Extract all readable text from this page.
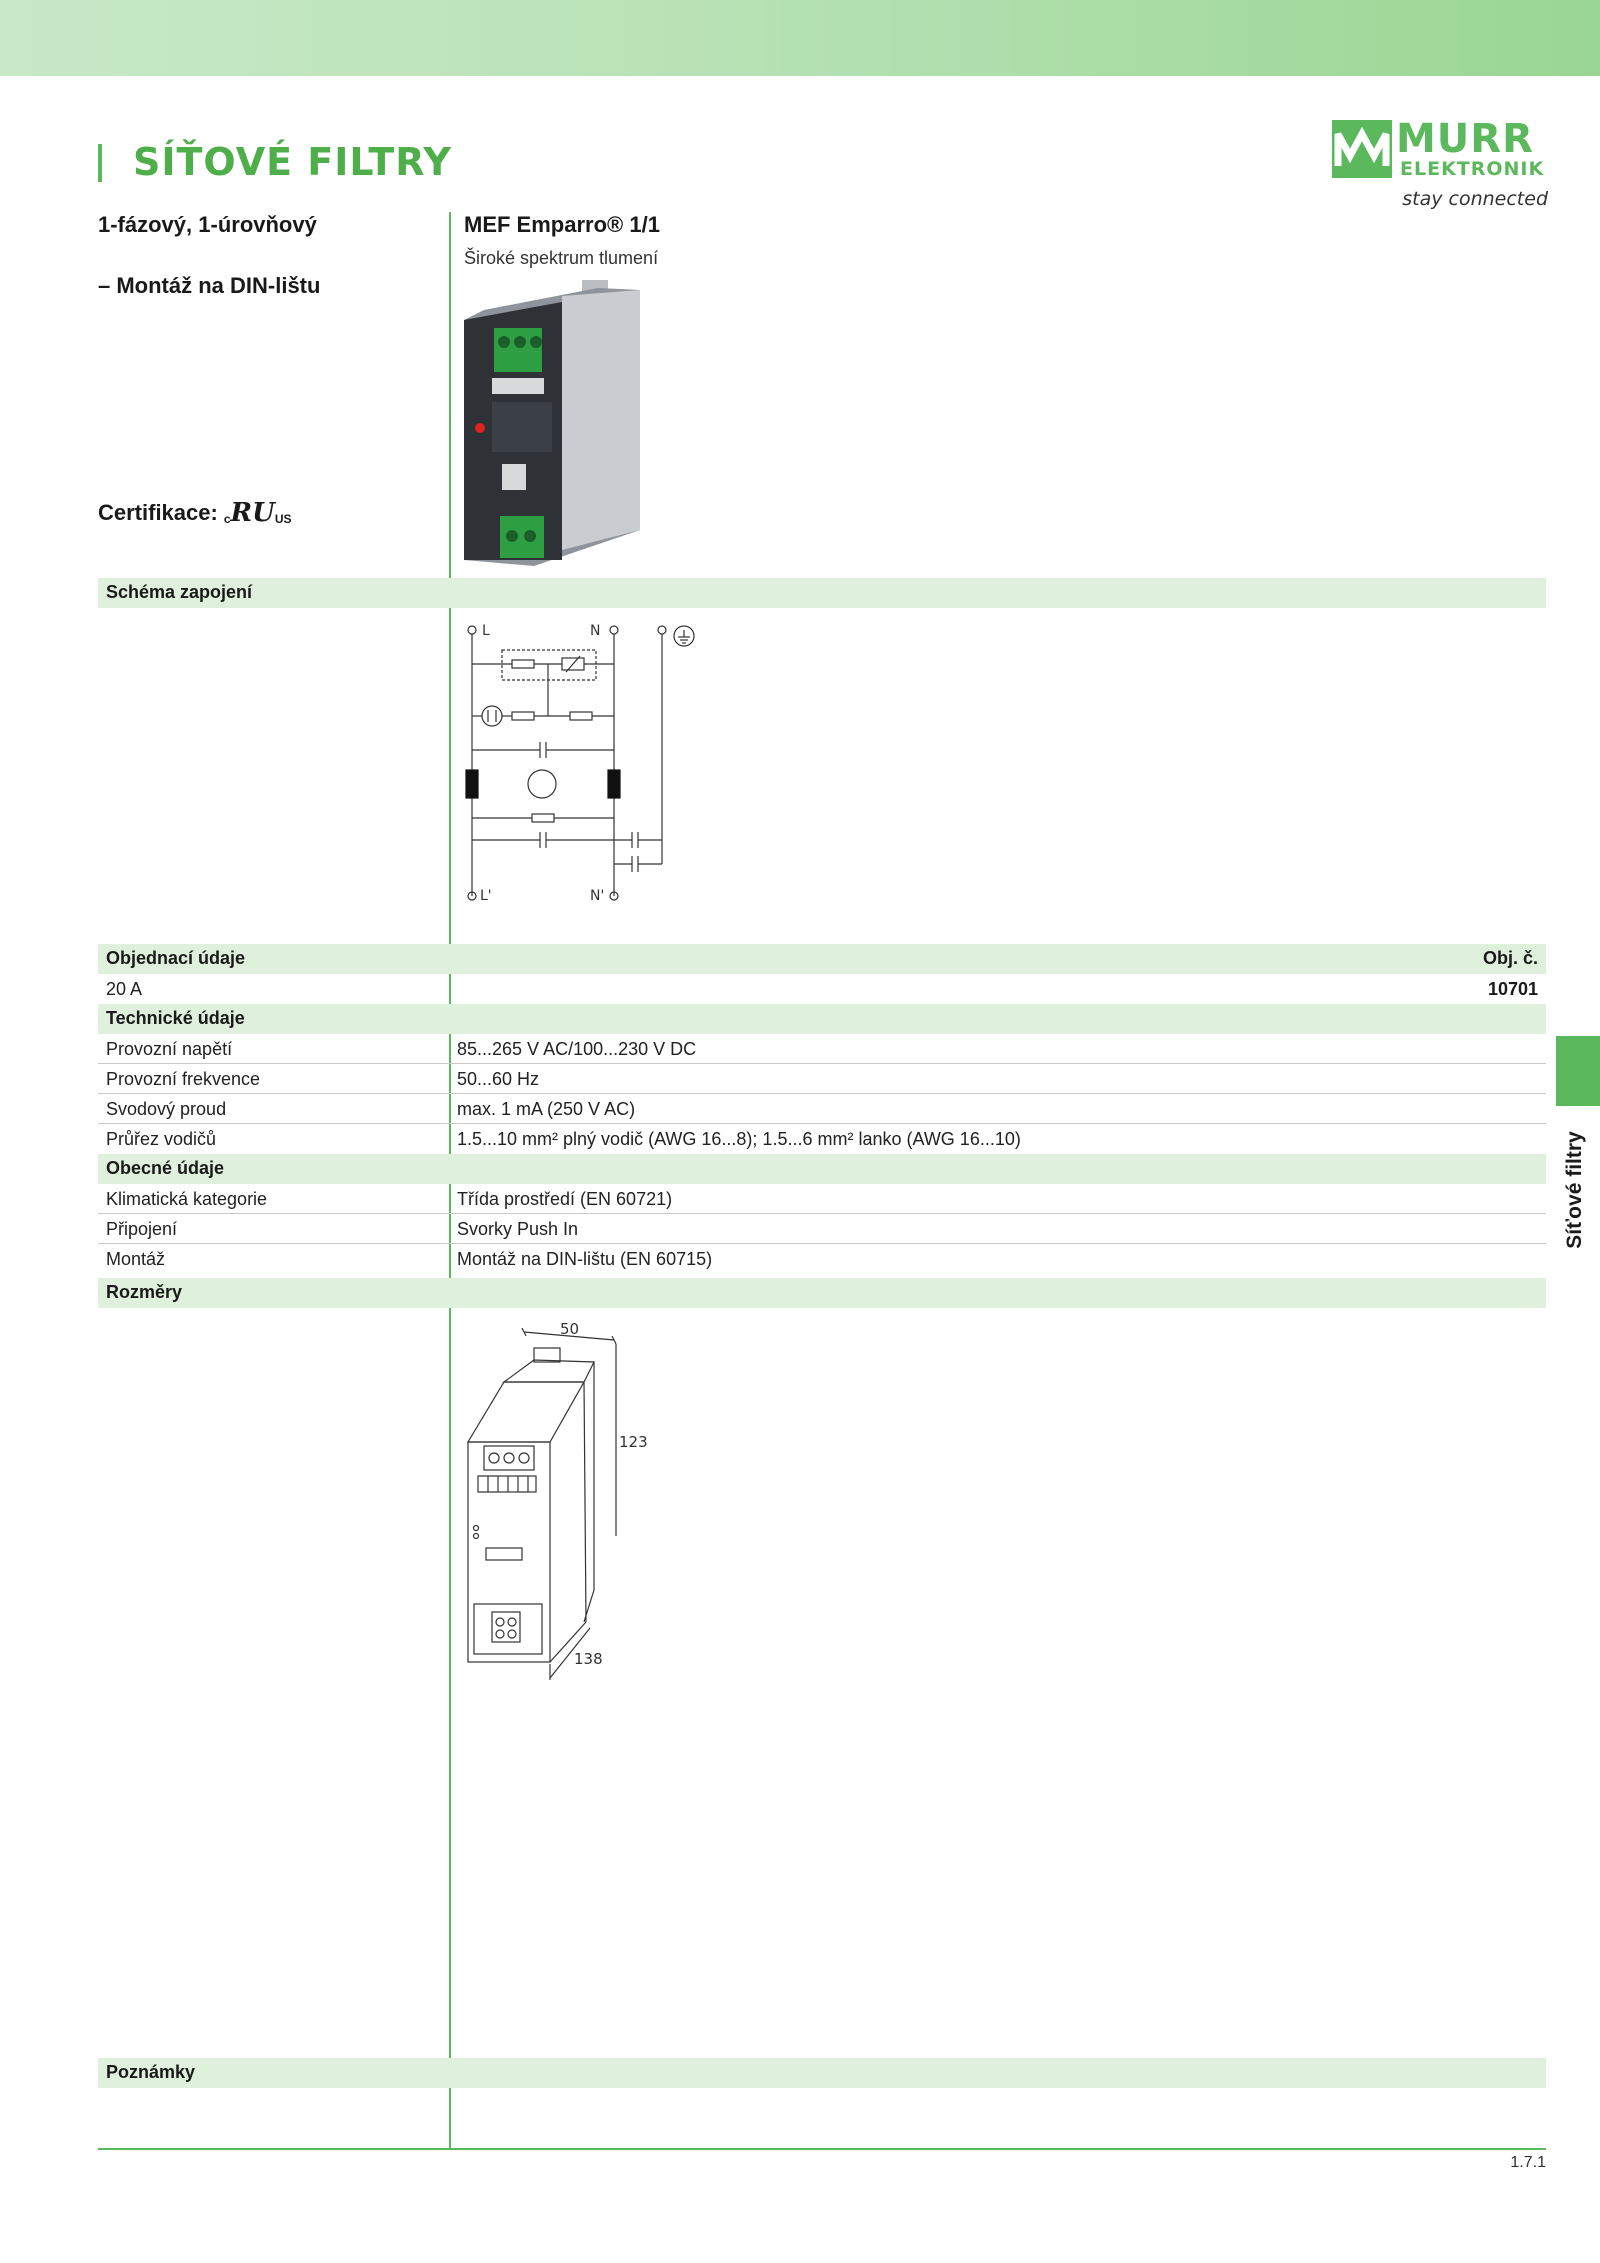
SÍŤOVÉ FILTRY	MURR
ELEKTRONIK
stay connected
1-fázový, 1-úrovňový
– Montáž na DIN-lištu
Certifikace: c RU US
MEF Emparro® 1/1
Široké spektrum tlumení
Schéma zapojení
L	N
L'	N'
Objednací údaje	Obj. č.
20 A	10701
Technické údaje
Provozní napětí	85...265 V AC/100...230 V DC
Provozní frekvence	50...60 Hz
Svodový proud	max. 1 mA (250 V AC)
Průřez vodičů	1.5...10 mm² plný vodič (AWG 16...8); 1.5...6 mm² lanko (AWG 16...10)
Obecné údaje
Klimatická kategorie	Třída prostředí (EN 60721)
Připojení	Svorky Push In
Montáž	Montáž na DIN-lištu (EN 60715)
Rozměry
50
123
138
Poznámky
1.7.1
Síťové filtry
